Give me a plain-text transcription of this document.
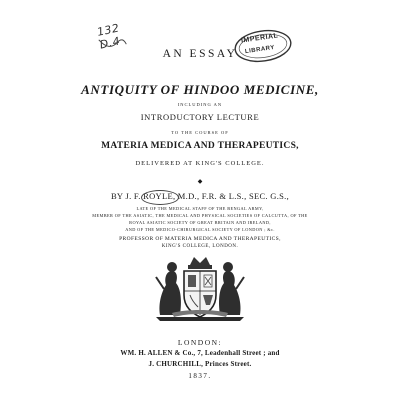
132 D.4	IMPERIAL
LIBRARY
AN ESSAY
ANTIQUITY OF HINDOO MEDICINE,
INCLUDING AN
INTRODUCTORY LECTURE
TO THE COURSE OF
MATERIA MEDICA AND THERAPEUTICS,
DELIVERED AT KING'S COLLEGE.
◆
BY J. F. ROYLE, M.D., F.R. & L.S., SEC. G.S.,
LATE OF THE MEDICAL STAFF OF THE BENGAL ARMY,
MEMBER OF THE ASIATIC, THE MEDICAL AND PHYSICAL SOCIETIES OF CALCUTTA, OF THE
ROYAL ASIATIC SOCIETY OF GREAT BRITAIN AND IRELAND,
AND OF THE MEDICO-CHIRURGICAL SOCIETY OF LONDON ; &c.
PROFESSOR OF MATERIA MEDICA AND THERAPEUTICS,
KING'S COLLEGE, LONDON.
LONDON:
WM. H. ALLEN & Co., 7, Leadenhall Street ; and
J. CHURCHILL, Princes Street.
1837.
